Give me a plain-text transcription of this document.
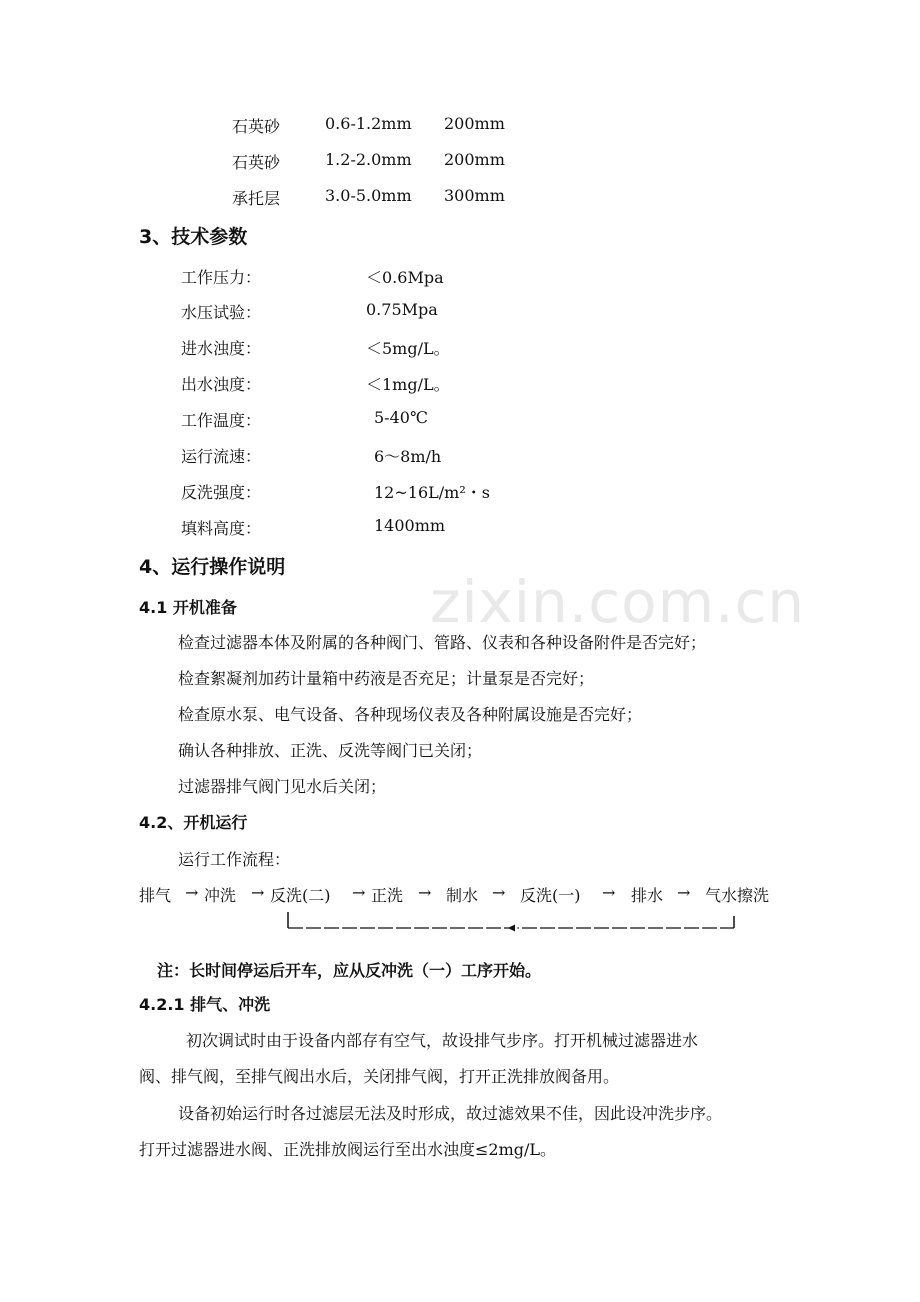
zixin.com.cn
石英砂	0.6-1.2mm 200mm
石英砂	1.2-2.0mm 200mm
承托层	3.0-5.0mm 300mm
3、技术参数
工作压力：	＜0.6Mpa
水压试验：	0.75Mpa
进水浊度：	＜5mg/L。
出水浊度：	＜1mg/L。
工作温度：	5-40℃
运行流速：	6～8m/h
反洗强度：	12~16L/m²・s
填料高度：	1400mm
4、运行操作说明
4.1 开机准备
检查过滤器本体及附属的各种阀门、管路、仪表和各种设备附件是否完好；
检查絮凝剂加药计量箱中药液是否充足；计量泵是否完好；
检查原水泵、电气设备、各种现场仪表及各种附属设施是否完好；
确认各种排放、正洗、反洗等阀门已关闭；
过滤器排气阀门见水后关闭；
4.2、开机运行
运行工作流程：
排气 → 冲洗 → 反洗(二) → 正洗 → 制水 → 反洗(一) → 排水 → 气水擦洗
注：长时间停运后开车，应从反冲洗（一）工序开始。
4.2.1 排气、冲洗
初次调试时由于设备内部存有空气，故设排气步序。打开机械过滤器进水
阀、排气阀，至排气阀出水后，关闭排气阀，打开正洗排放阀备用。
设备初始运行时各过滤层无法及时形成，故过滤效果不佳，因此设冲洗步序。
打开过滤器进水阀、正洗排放阀运行至出水浊度≤2mg/L。
